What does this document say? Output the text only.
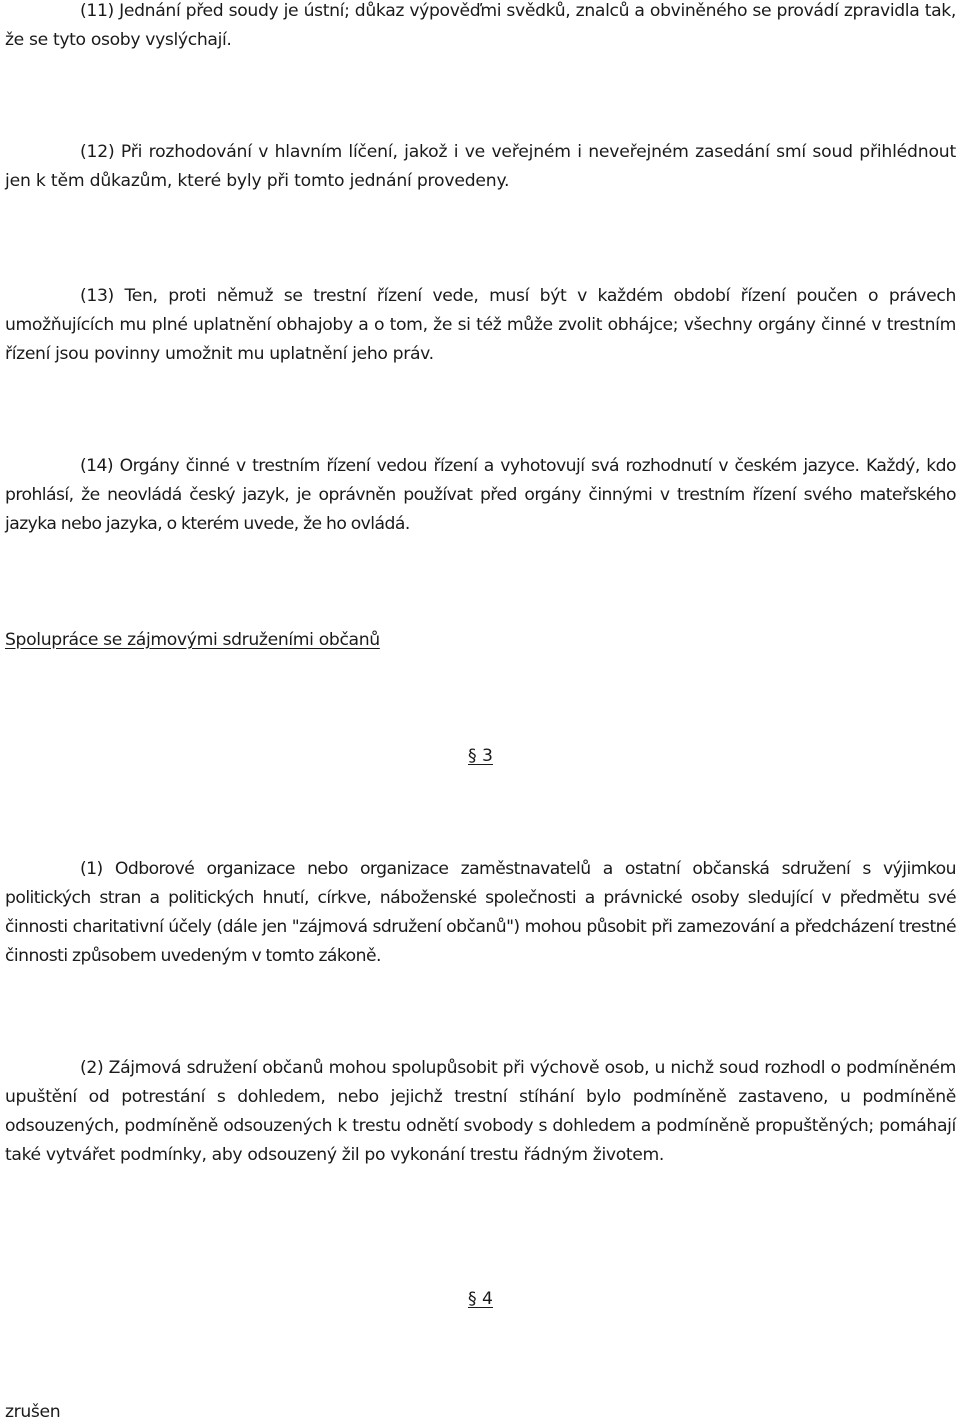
(11) Jednání před soudy je ústní; důkaz výpověďmi svědků, znalců a obviněného se provádí zpravidla tak, že se tyto osoby vyslýchají.

(12) Při rozhodování v hlavním líčení, jakož i ve veřejném i neveřejném zasedání smí soud přihlédnout jen k těm důkazům, které byly při tomto jednání provedeny.

(13) Ten, proti němuž se trestní řízení vede, musí být v každém období řízení poučen o právech umožňujících mu plné uplatnění obhajoby a o tom, že si též může zvolit obhájce; všechny orgány činné v trestním řízení jsou povinny umožnit mu uplatnění jeho práv.

(14) Orgány činné v trestním řízení vedou řízení a vyhotovují svá rozhodnutí v českém jazyce. Každý, kdo prohlásí, že neovládá český jazyk, je oprávněn používat před orgány činnými v trestním řízení svého mateřského jazyka nebo jazyka, o kterém uvede, že ho ovládá.

Spolupráce se zájmovými sdruženími občanů

§ 3

(1) Odborové organizace nebo organizace zaměstnavatelů a ostatní občanská sdružení s výjimkou politických stran a politických hnutí, církve, náboženské společnosti a právnické osoby sledující v předmětu své činnosti charitativní účely (dále jen "zájmová sdružení občanů") mohou působit při zamezování a předcházení trestné činnosti způsobem uvedeným v tomto zákoně.

(2) Zájmová sdružení občanů mohou spolupůsobit při výchově osob, u nichž soud rozhodl o podmíněném upuštění od potrestání s dohledem, nebo jejichž trestní stíhání bylo podmíněně zastaveno, u podmíněně odsouzených, podmíněně odsouzených k trestu odnětí svobody s dohledem a podmíněně propuštěných; pomáhají také vytvářet podmínky, aby odsouzený žil po vykonání trestu řádným životem.

§ 4

zrušen
